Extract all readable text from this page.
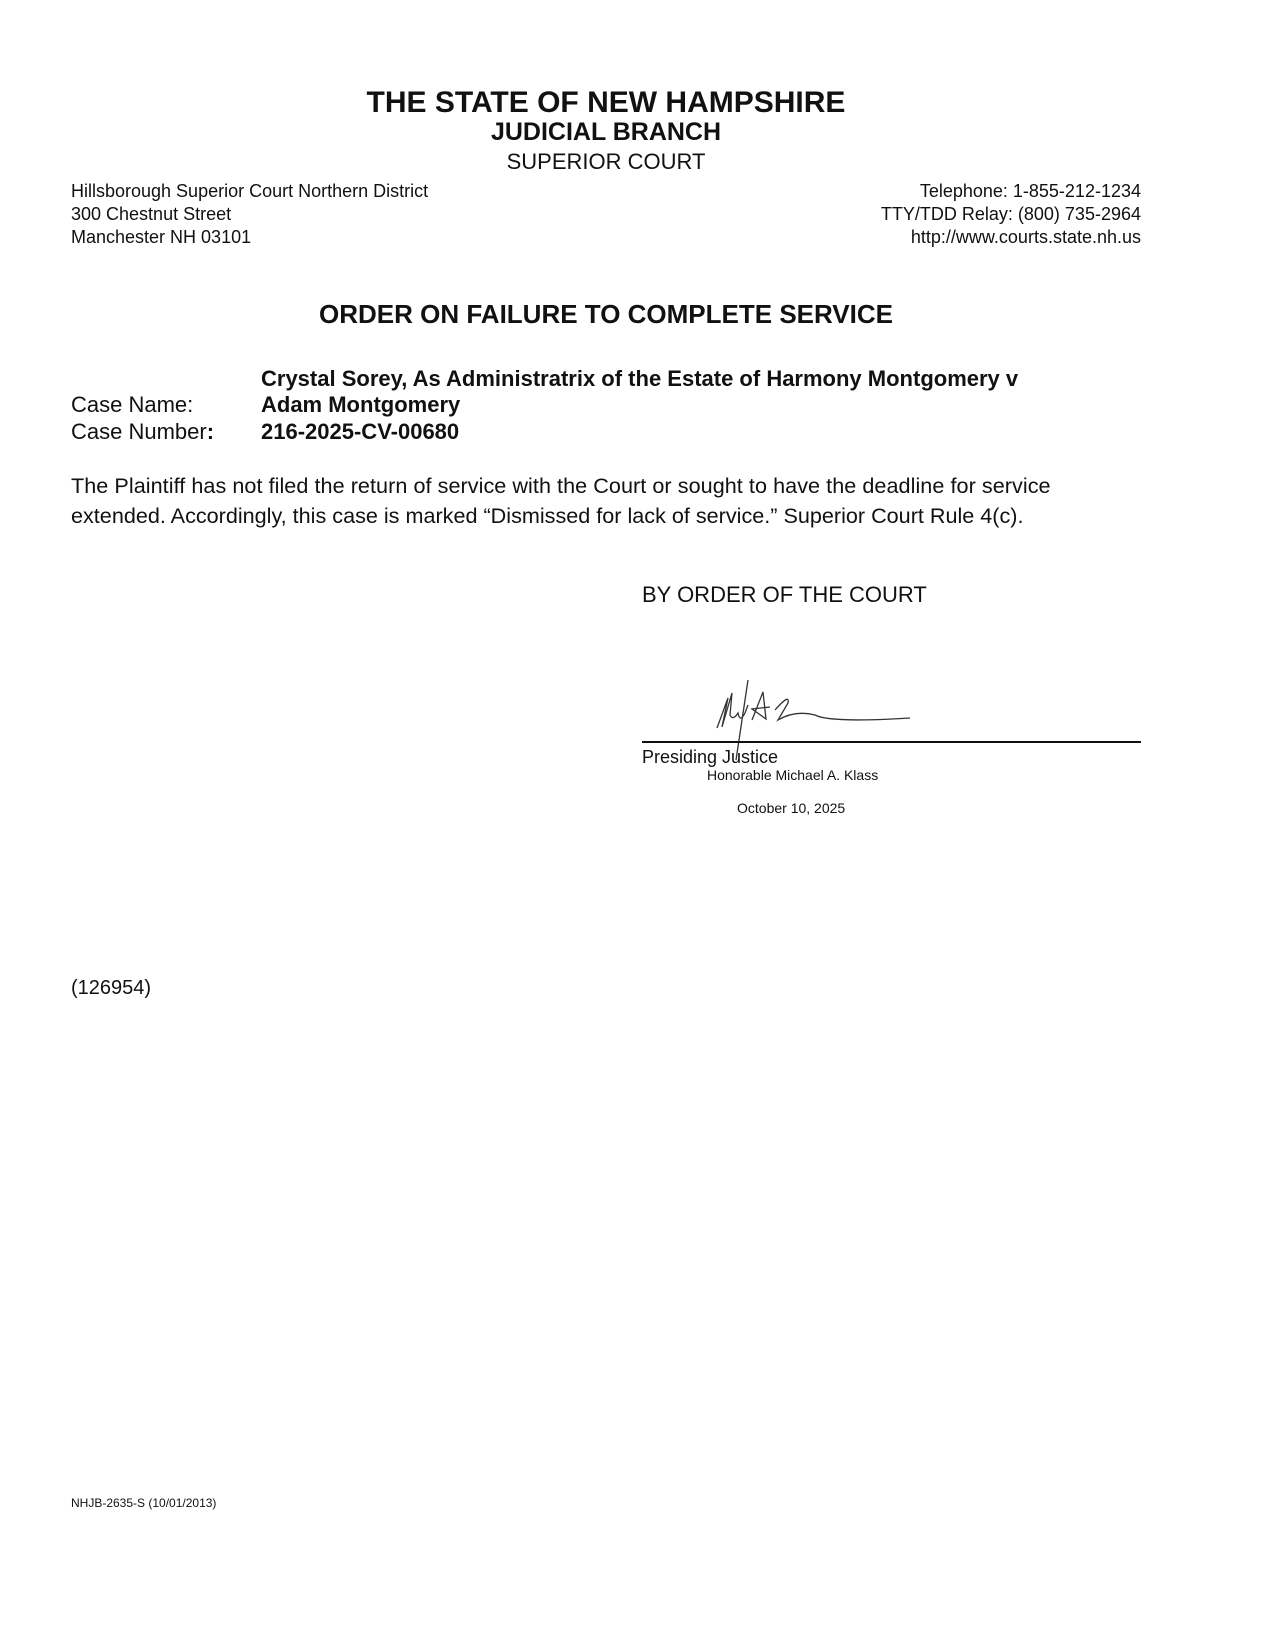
THE STATE OF NEW HAMPSHIRE
JUDICIAL BRANCH
SUPERIOR COURT
Hillsborough Superior Court Northern District
300 Chestnut Street
Manchester NH 03101
Telephone: 1-855-212-1234
TTY/TDD Relay: (800) 735-2964
http://www.courts.state.nh.us
ORDER ON FAILURE TO COMPLETE SERVICE
Crystal Sorey, As Administratrix of the Estate of Harmony Montgomery v
Case Name:	Adam Montgomery
Case Number: 216-2025-CV-00680
The Plaintiff has not filed the return of service with the Court or sought to have the deadline for service
extended. Accordingly, this case is marked “Dismissed for lack of service.” Superior Court Rule 4(c).
BY ORDER OF THE COURT
Presiding Justice
Honorable Michael A. Klass
October 10, 2025
(126954)
NHJB-2635-S (10/01/2013)
